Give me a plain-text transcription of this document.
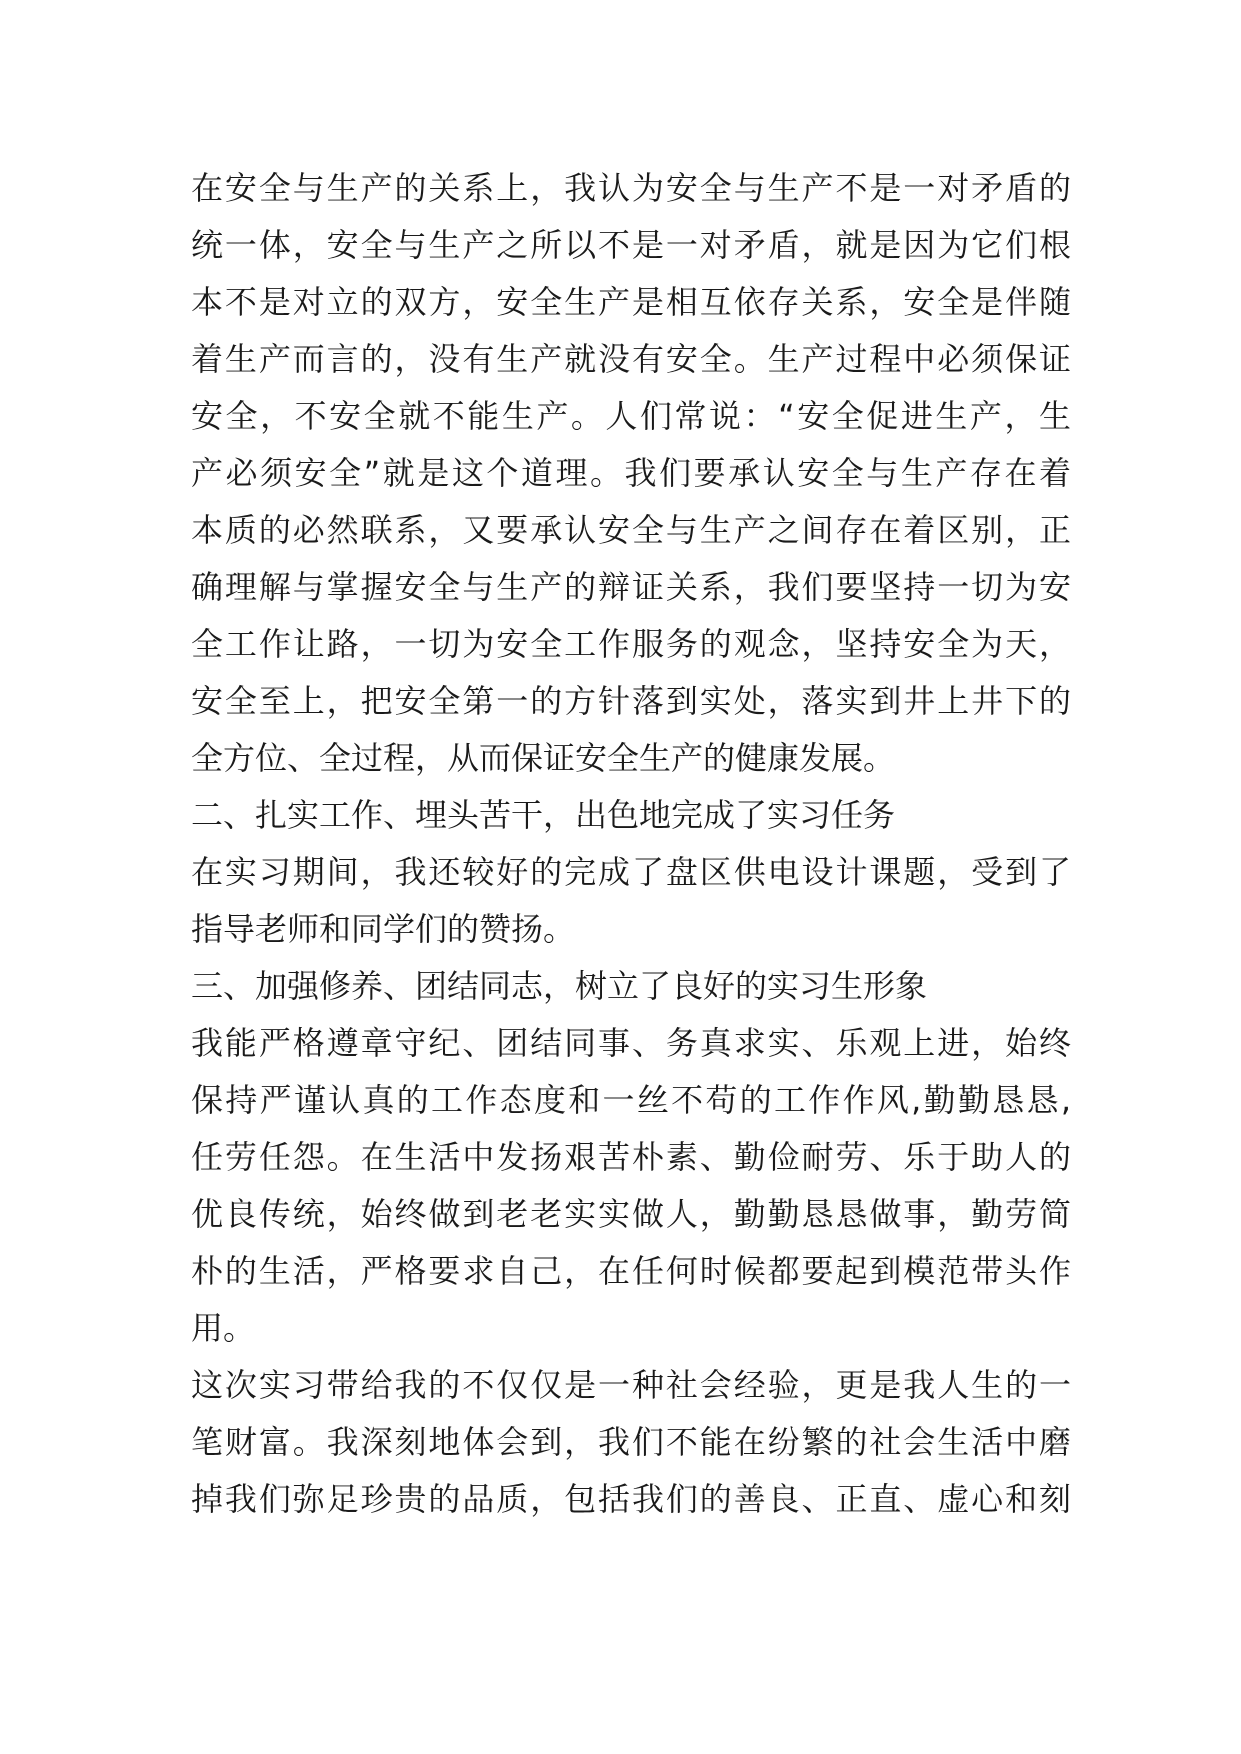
在安全与生产的关系上，我认为安全与生产不是一对矛盾的
统一体，安全与生产之所以不是一对矛盾，就是因为它们根
本不是对立的双方，安全生产是相互依存关系，安全是伴随
着生产而言的，没有生产就没有安全。生产过程中必须保证
安全，不安全就不能生产。人们常说：“安全促进生产，生
产必须安全”就是这个道理。我们要承认安全与生产存在着
本质的必然联系，又要承认安全与生产之间存在着区别，正
确理解与掌握安全与生产的辩证关系，我们要坚持一切为安
全工作让路，一切为安全工作服务的观念，坚持安全为天，
安全至上，把安全第一的方针落到实处，落实到井上井下的
全方位、全过程，从而保证安全生产的健康发展。
二、扎实工作、埋头苦干，出色地完成了实习任务
在实习期间，我还较好的完成了盘区供电设计课题，受到了
指导老师和同学们的赞扬。
三、加强修养、团结同志，树立了良好的实习生形象
我能严格遵章守纪、团结同事、务真求实、乐观上进，始终
保持严谨认真的工作态度和一丝不苟的工作作风,勤勤恳恳,
任劳任怨。在生活中发扬艰苦朴素、勤俭耐劳、乐于助人的
优良传统，始终做到老老实实做人，勤勤恳恳做事，勤劳简
朴的生活，严格要求自己，在任何时候都要起到模范带头作
用。
这次实习带给我的不仅仅是一种社会经验，更是我人生的一
笔财富。我深刻地体会到，我们不能在纷繁的社会生活中磨
掉我们弥足珍贵的品质，包括我们的善良、正直、虚心和刻
